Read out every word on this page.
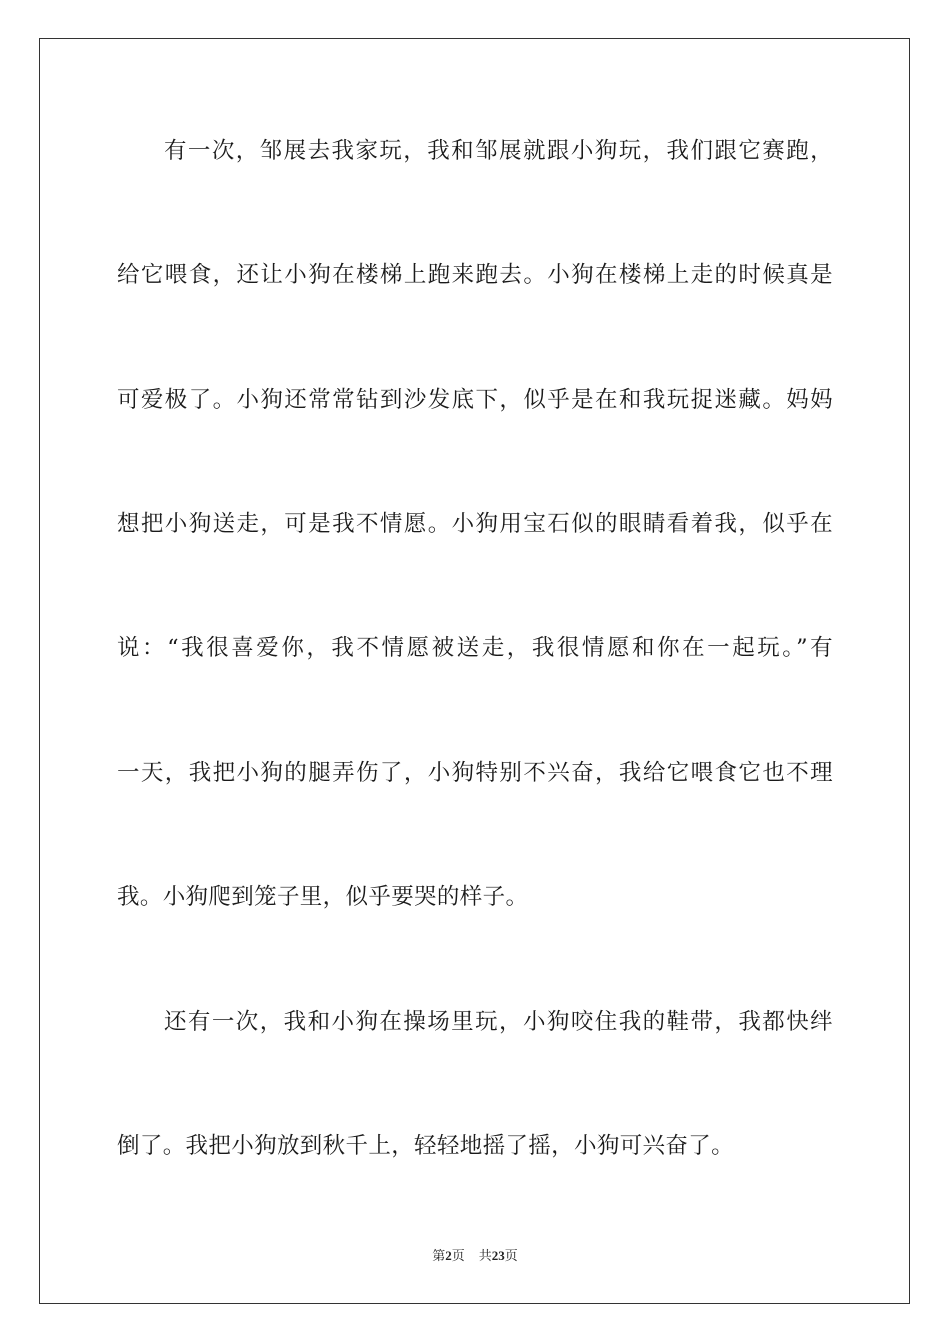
有一次，邹展去我家玩，我和邹展就跟小狗玩，我们跟它赛跑，
给它喂食，还让小狗在楼梯上跑来跑去。小狗在楼梯上走的时候真是
可爱极了。小狗还常常钻到沙发底下，似乎是在和我玩捉迷藏。妈妈
想把小狗送走，可是我不情愿。小狗用宝石似的眼睛看着我，似乎在
说：“我很喜爱你，我不情愿被送走，我很情愿和你在一起玩。”有
一天，我把小狗的腿弄伤了，小狗特别不兴奋，我给它喂食它也不理
我。小狗爬到笼子里，似乎要哭的样子。
还有一次，我和小狗在操场里玩，小狗咬住我的鞋带，我都快绊
倒了。我把小狗放到秋千上，轻轻地摇了摇，小狗可兴奋了。
第2页 共23页
